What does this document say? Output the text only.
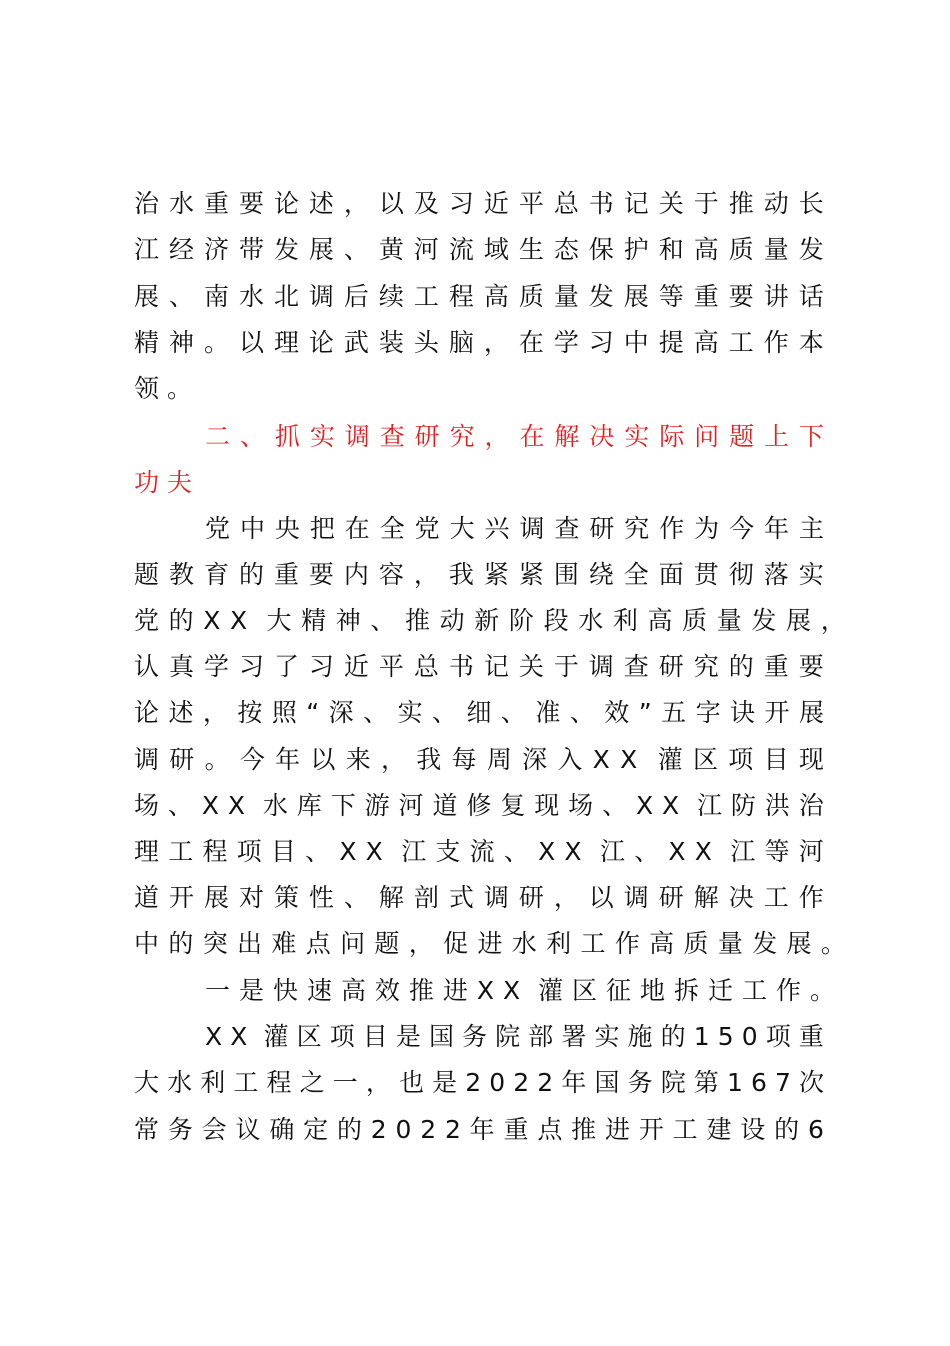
治 水 重 要 论 述 ， 以 及 习 近 平 总 书 记 关 于 推 动 长
江 经 济 带 发 展 、 黄 河 流 域 生 态 保 护 和 高 质 量 发
展 、 南 水 北 调 后 续 工 程 高 质 量 发 展 等 重 要 讲 话
精 神 。 以 理 论 武 装 头 脑 ， 在 学 习 中 提 高 工 作 本
领。
二 、 抓 实 调 查 研 究 ， 在 解 决 实 际 问 题 上 下
功夫
党 中 央 把 在 全 党 大 兴 调 查 研 究 作 为 今 年 主
题 教 育 的 重 要 内 容 ， 我 紧 紧 围 绕 全 面 贯 彻 落 实
党 的 X X 大 精 神 、 推 动 新 阶 段 水 利 高 质 量 发 展 ，
认 真 学 习 了 习 近 平 总 书 记 关 于 调 查 研 究 的 重 要
论 述 ， 按 照 “ 深 、 实 、 细 、 准 、 效 ” 五 字 诀 开 展
调 研 。 今 年 以 来 ， 我 每 周 深 入 X X 灌 区 项 目 现
场 、 X X 水 库 下 游 河 道 修 复 现 场 、 X X 江 防 洪 治
理 工 程 项 目 、 X X 江 支 流 、 X X 江 、 X X 江 等 河
道 开 展 对 策 性 、 解 剖 式 调 研 ， 以 调 研 解 决 工 作
中 的 突 出 难 点 问 题 ， 促 进 水 利 工 作 高 质 量 发 展 。
一 是 快 速 高 效 推 进 X X 灌 区 征 地 拆 迁 工 作 。
X X 灌 区 项 目 是 国 务 院 部 署 实 施 的 1 5 0 项 重
大 水 利 工 程 之 一 ， 也 是 2 0 2 2 年 国 务 院 第 1 6 7 次
常 务 会 议 确 定 的 2 0 2 2 年 重 点 推 进 开 工 建 设 的 6
